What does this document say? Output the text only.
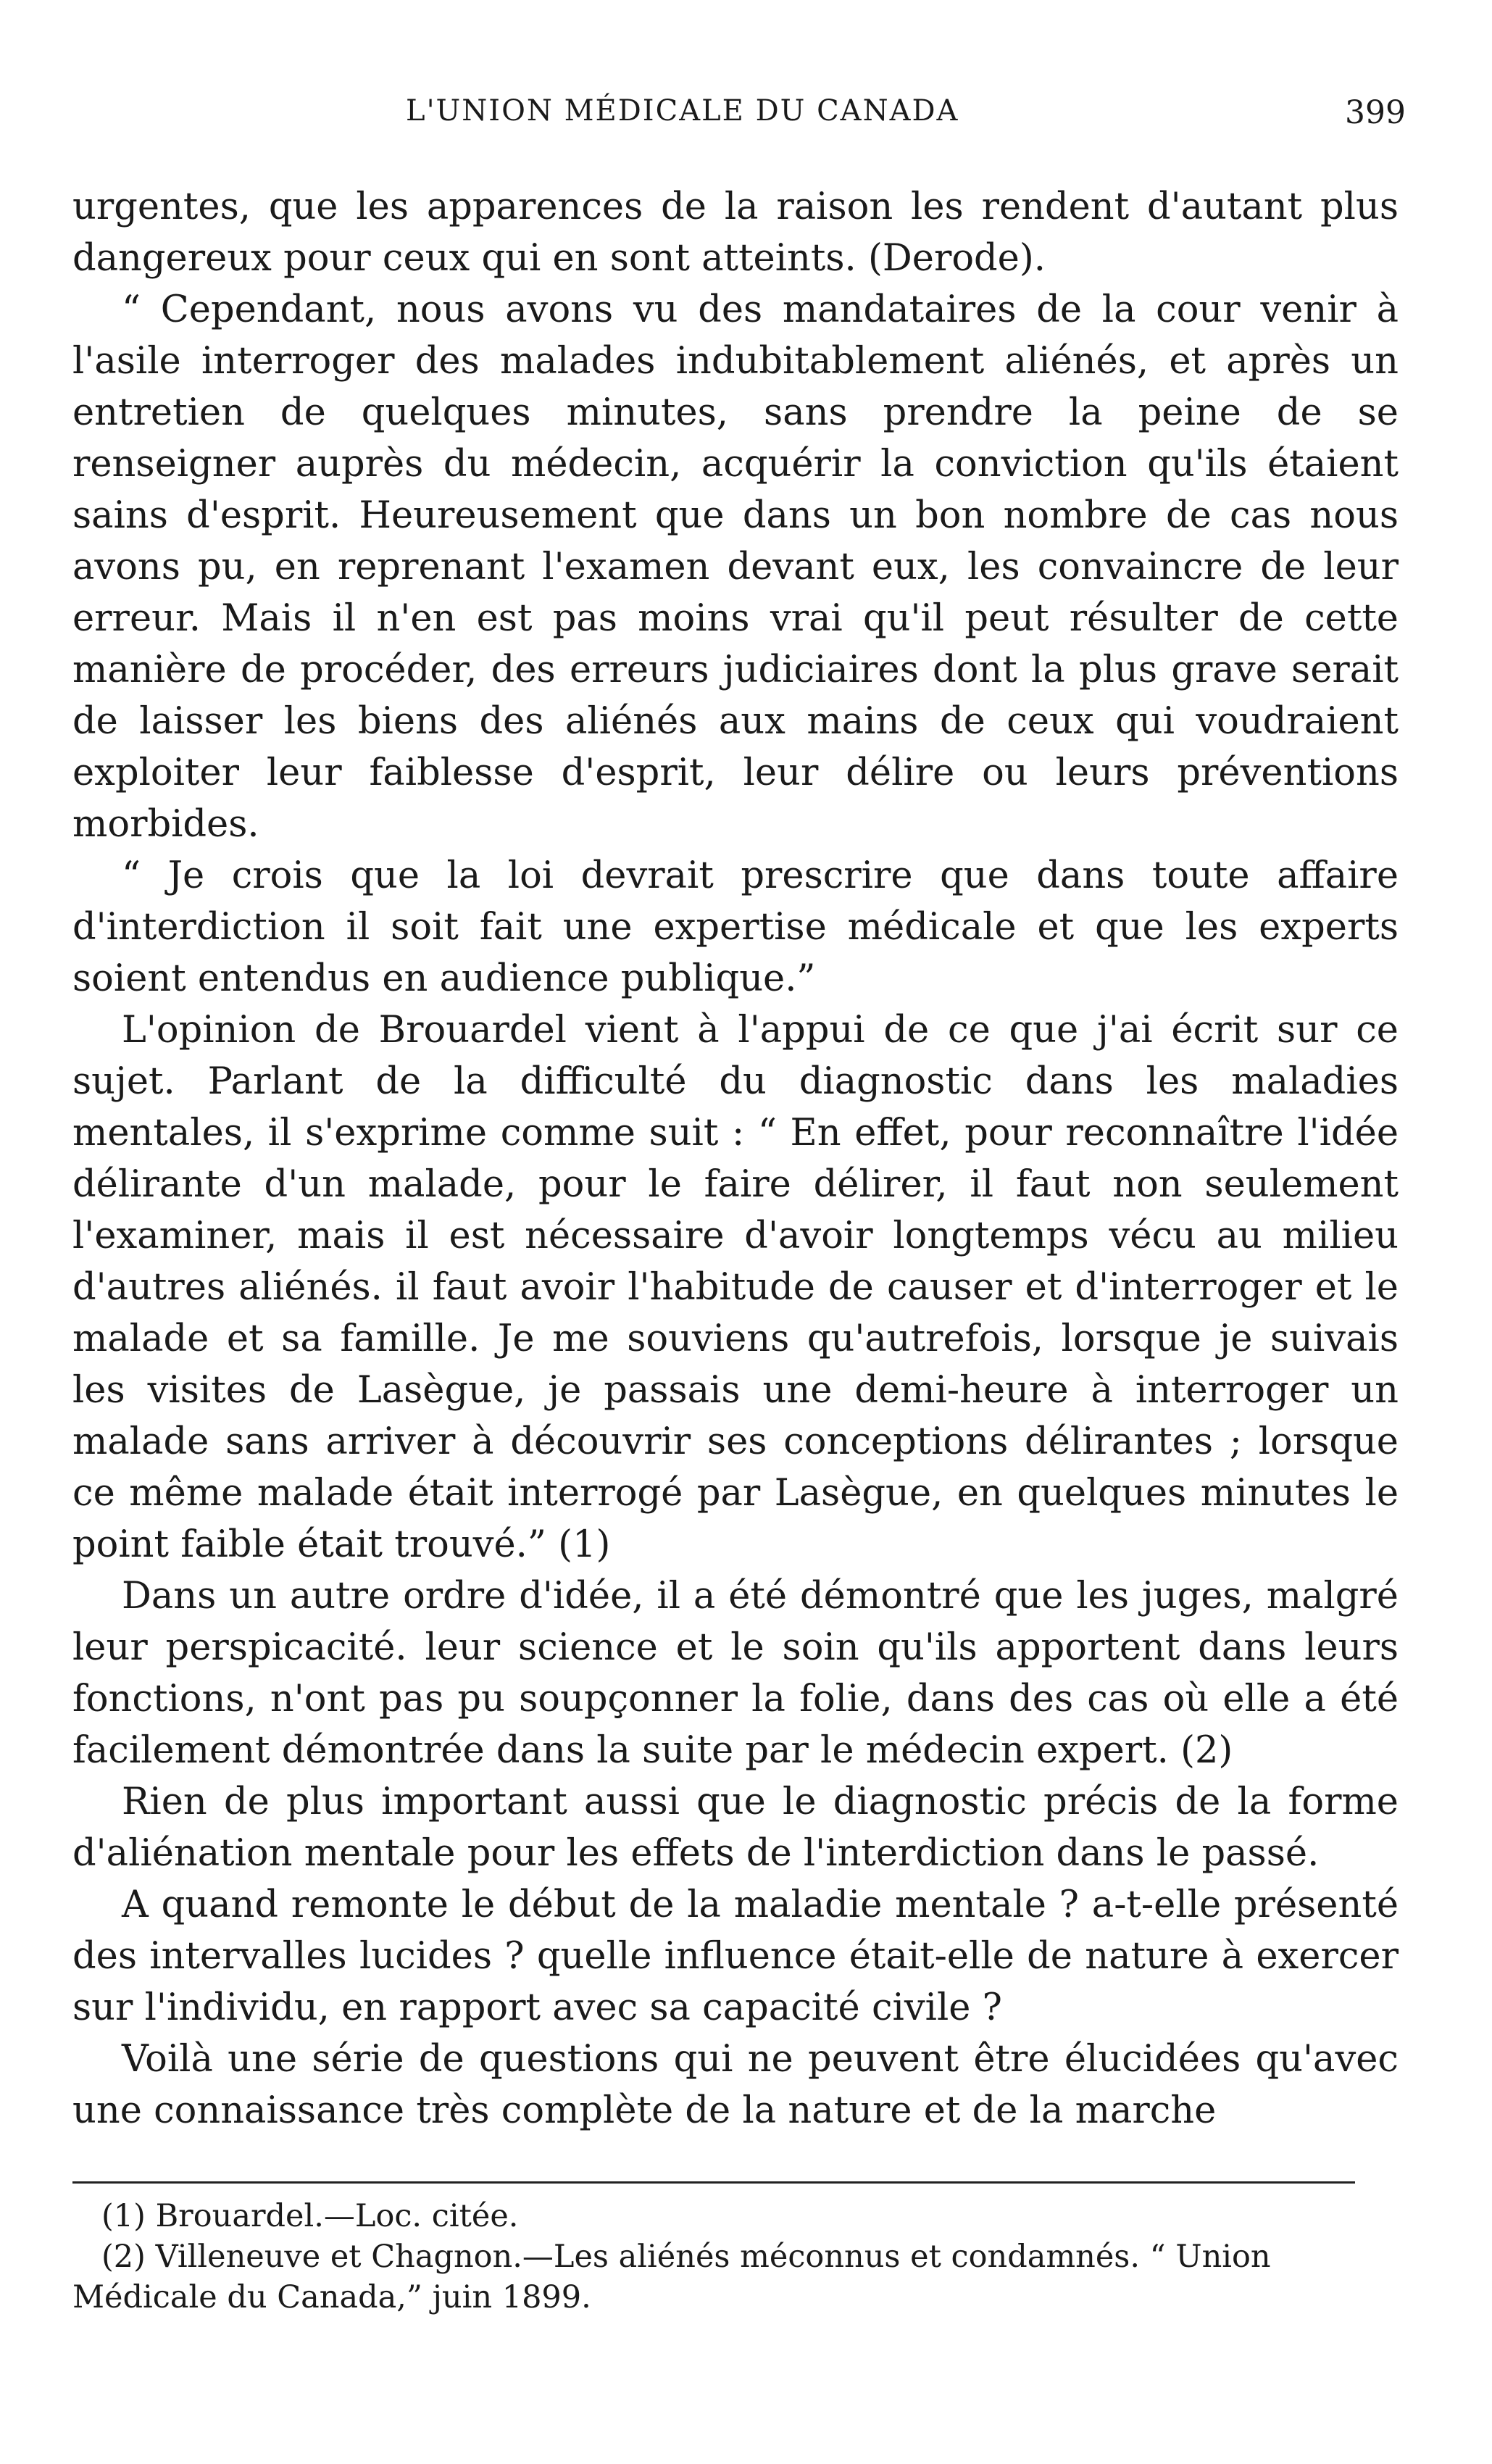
L'UNION MÉDICALE DU CANADA	399

urgentes, que les apparences de la raison les rendent d'autant plus dangereux pour ceux qui en sont atteints. (Derode).

“ Cependant, nous avons vu des mandataires de la cour venir à l'asile interroger des malades indubitablement aliénés, et après un entretien de quelques minutes, sans prendre la peine de se renseigner auprès du médecin, acquérir la conviction qu'ils étaient sains d'esprit. Heureusement que dans un bon nombre de cas nous avons pu, en reprenant l'examen devant eux, les convaincre de leur erreur. Mais il n'en est pas moins vrai qu'il peut résulter de cette manière de procéder, des erreurs judiciaires dont la plus grave serait de laisser les biens des aliénés aux mains de ceux qui voudraient exploiter leur faiblesse d'esprit, leur délire ou leurs préventions morbides.

“ Je crois que la loi devrait prescrire que dans toute affaire d'interdiction il soit fait une expertise médicale et que les experts soient entendus en audience publique.”

L'opinion de Brouardel vient à l'appui de ce que j'ai écrit sur ce sujet. Parlant de la difficulté du diagnostic dans les maladies mentales, il s'exprime comme suit : “ En effet, pour reconnaître l'idée délirante d'un malade, pour le faire délirer, il faut non seulement l'examiner, mais il est nécessaire d'avoir longtemps vécu au milieu d'autres aliénés. il faut avoir l'habitude de causer et d'interroger et le malade et sa famille. Je me souviens qu'autrefois, lorsque je suivais les visites de Lasègue, je passais une demi-heure à interroger un malade sans arriver à découvrir ses conceptions délirantes ; lorsque ce même malade était interrogé par Lasègue, en quelques minutes le point faible était trouvé.” (1)

Dans un autre ordre d'idée, il a été démontré que les juges, malgré leur perspicacité. leur science et le soin qu'ils apportent dans leurs fonctions, n'ont pas pu soupçonner la folie, dans des cas où elle a été facilement démontrée dans la suite par le médecin expert. (2)

Rien de plus important aussi que le diagnostic précis de la forme d'aliénation mentale pour les effets de l'interdiction dans le passé.

A quand remonte le début de la maladie mentale ? a-t-elle présenté des intervalles lucides ? quelle influence était-elle de nature à exercer sur l'individu, en rapport avec sa capacité civile ?

Voilà une série de questions qui ne peuvent être élucidées qu'avec une connaissance très complète de la nature et de la marche

(1) Brouardel.—Loc. citée.

(2) Villeneuve et Chagnon.—Les aliénés méconnus et condamnés. “ Union Médicale du Canada,” juin 1899.
